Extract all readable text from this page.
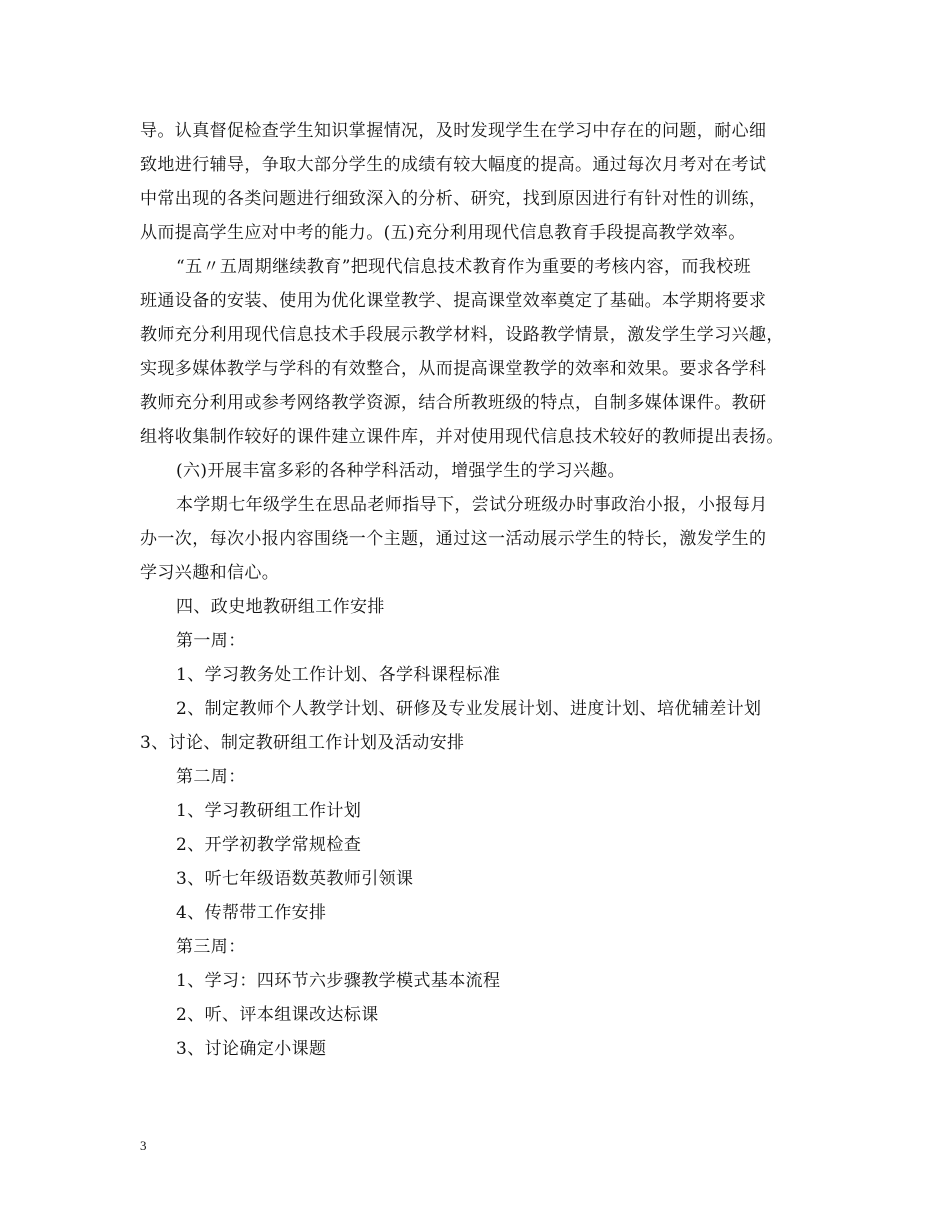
导。认真督促检查学生知识掌握情况，及时发现学生在学习中存在的问题，耐心细
致地进行辅导，争取大部分学生的成绩有较大幅度的提高。通过每次月考对在考试
中常出现的各类问题进行细致深入的分析、研究，找到原因进行有针对性的训练，
从而提高学生应对中考的能力。(五)充分利用现代信息教育手段提高教学效率。
“五〃五周期继续教育”把现代信息技术教育作为重要的考核内容，而我校班
班通设备的安装、使用为优化课堂教学、提高课堂效率奠定了基础。本学期将要求
教师充分利用现代信息技术手段展示教学材料，设路教学情景，激发学生学习兴趣，
实现多媒体教学与学科的有效整合，从而提高课堂教学的效率和效果。要求各学科
教师充分利用或参考网络教学资源，结合所教班级的特点，自制多媒体课件。教研
组将收集制作较好的课件建立课件库，并对使用现代信息技术较好的教师提出表扬。
(六)开展丰富多彩的各种学科活动，增强学生的学习兴趣。
本学期七年级学生在思品老师指导下，尝试分班级办时事政治小报，小报每月
办一次，每次小报内容围绕一个主题，通过这一活动展示学生的特长，激发学生的
学习兴趣和信心。
四、政史地教研组工作安排
第一周：
1、学习教务处工作计划、各学科课程标准
2、制定教师个人教学计划、研修及专业发展计划、进度计划、培优辅差计划
3、讨论、制定教研组工作计划及活动安排
第二周：
1、学习教研组工作计划
2、开学初教学常规检查
3、听七年级语数英教师引领课
4、传帮带工作安排
第三周：
1、学习：四环节六步骤教学模式基本流程
2、听、评本组课改达标课
3、讨论确定小课题
3
